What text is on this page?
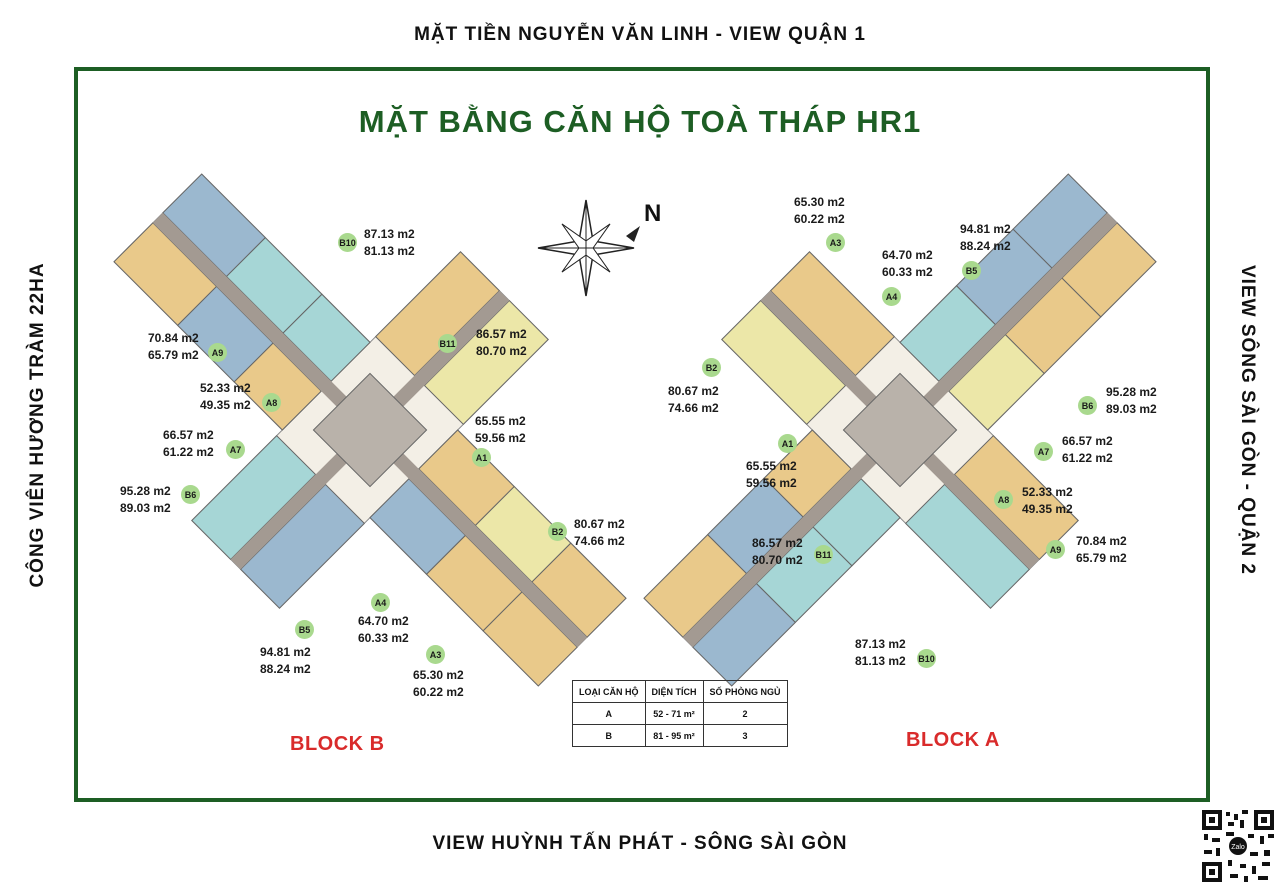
MẶT TIỀN NGUYỄN VĂN LINH - VIEW QUẬN 1
VIEW HUỲNH TẤN PHÁT - SÔNG SÀI GÒN
CÔNG VIÊN HƯƠNG TRÀM 22HA	VIEW SÔNG SÀI GÒN - QUẬN 2
MẶT BẰNG CĂN HỘ TOÀ THÁP HR1
N
B10
87.13 m2
81.13 m2
A9
70.84 m2
65.79 m2
B11
86.57 m2
80.70 m2
A8
52.33 m2
49.35 m2
A1
65.55 m2
59.56 m2
A7
66.57 m2
61.22 m2
B6
95.28 m2
89.03 m2
B2
80.67 m2
74.66 m2
A4
64.70 m2
60.33 m2
B5
94.81 m2
88.24 m2
A3
65.30 m2
60.22 m2
A3
65.30 m2
60.22 m2
B5
94.81 m2
88.24 m2
A4
64.70 m2
60.33 m2
B2
80.67 m2
74.66 m2	B6
95.28 m2
89.03 m2
A1
65.55 m2
59.56 m2
A7
66.57 m2
61.22 m2
A8
52.33 m2
49.35 m2
B11
86.57 m2
80.70 m2
A9
70.84 m2
65.79 m2
B10
87.13 m2
81.13 m2
BLOCK B	BLOCK A
LOẠI CĂN HỘ	DIỆN TÍCH	SỐ PHÒNG NGỦ
A	52 - 71 m²	2
B	81 - 95 m²	3
Zalo
